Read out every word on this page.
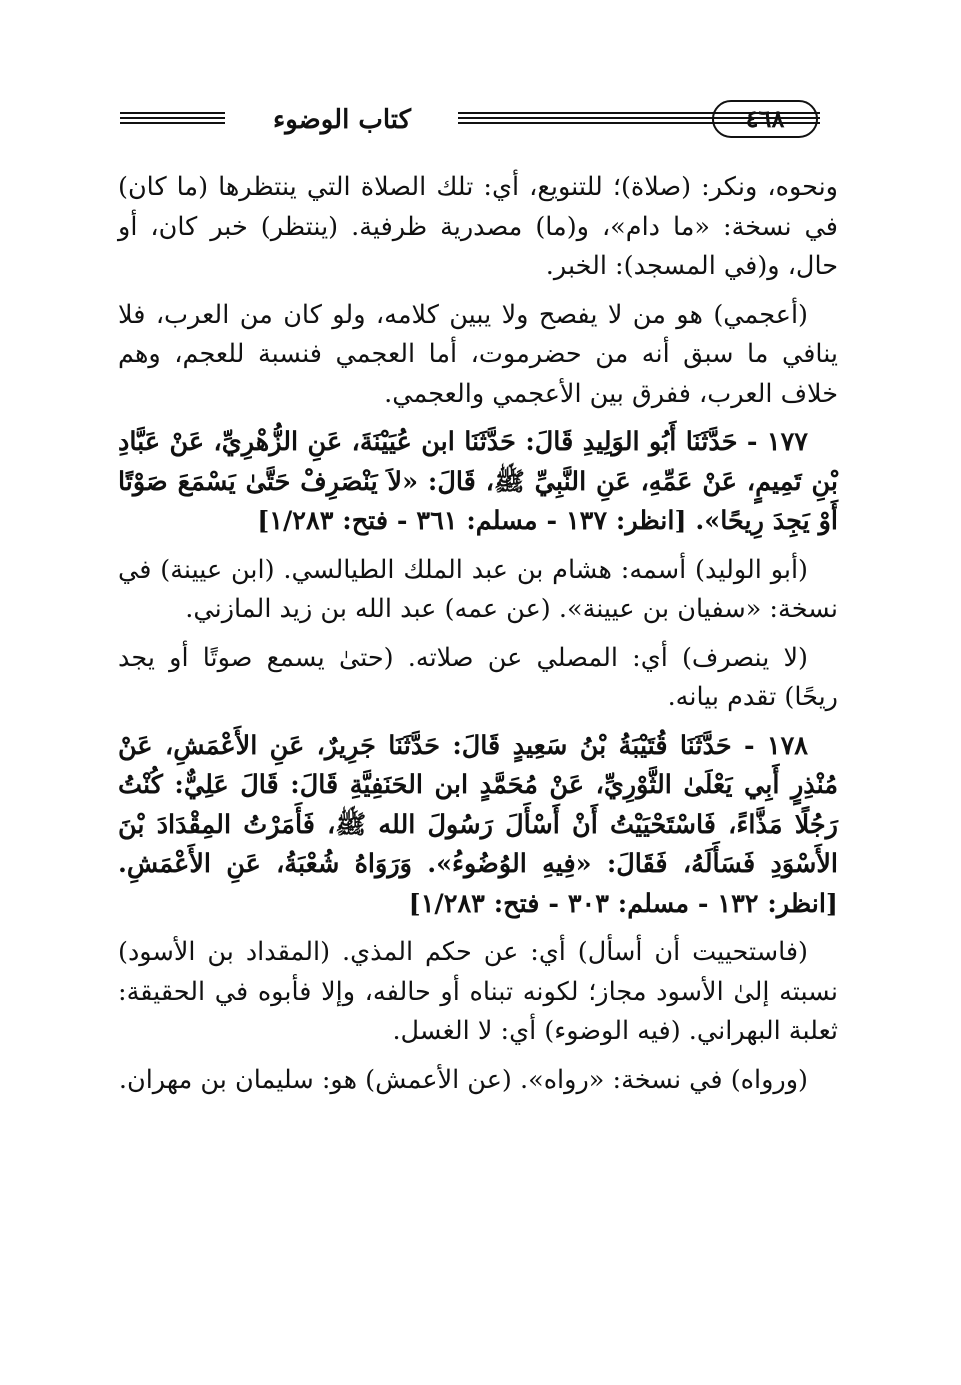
كتاب الوضوء	٤٦٨

ونحوه، ونكر: (صلاة)؛ للتنويع، أي: تلك الصلاة التي ينتظرها (ما كان) في نسخة: «ما دام»، و(ما) مصدرية ظرفية. (ينتظر) خبر كان، أو حال، و(في المسجد): الخبر.

(أعجمي) هو من لا يفصح ولا يبين كلامه، ولو كان من العرب، فلا ينافي ما سبق أنه من حضرموت، أما العجمي فنسبة للعجم، وهم خلاف العرب، ففرق بين الأعجمي والعجمي.

١٧٧ - حَدَّثَنَا أَبُو الوَلِيدِ قَالَ: حَدَّثَنَا ابن عُيَيْنَةَ، عَنِ الزُّهْرِيِّ، عَنْ عَبَّادِ بْنِ تَمِيمٍ، عَنْ عَمِّهِ، عَنِ النَّبِيِّ ﷺ، قَالَ: «لاَ يَنْصَرِفْ حَتَّىٰ يَسْمَعَ صَوْتًا أَوْ يَجِدَ رِيحًا». [انظر: ١٣٧ - مسلم: ٣٦١ - فتح: ١/٢٨٣]

(أبو الوليد) أسمه: هشام بن عبد الملك الطيالسي. (ابن عيينة) في نسخة: «سفيان بن عيينة». (عن عمه) عبد الله بن زيد المازني.

(لا ينصرف) أي: المصلي عن صلاته. (حتىٰ يسمع صوتًا أو يجد ريحًا) تقدم بيانه.

١٧٨ - حَدَّثَنَا قُتَيْبَةُ بْنُ سَعِيدٍ قَالَ: حَدَّثَنَا جَرِيرٌ، عَنِ الأَعْمَشِ، عَنْ مُنْذِرٍ أَبِي يَعْلَىٰ الثَّوْرِيِّ، عَنْ مُحَمَّدٍ ابن الحَنَفِيَّةِ قَالَ: قَالَ عَلِيٌّ: كُنْتُ رَجُلًا مَذَّاءً، فَاسْتَحْيَيْتُ أَنْ أَسْأَلَ رَسُولَ الله ﷺ، فَأَمَرْتُ المِقْدَادَ بْنَ الأَسْوَدِ فَسَأَلَهُ، فَقَالَ: «فِيهِ الوُضُوءُ». وَرَوَاهُ شُعْبَةُ، عَنِ الأَعْمَشِ. [انظر: ١٣٢ - مسلم: ٣٠٣ - فتح: ١/٢٨٣]

(فاستحييت أن أسأل) أي: عن حكم المذي. (المقداد بن الأسود) نسبته إلىٰ الأسود مجاز؛ لكونه تبناه أو حالفه، وإلا فأبوه في الحقيقة: ثعلبة البهراني. (فيه الوضوء) أي: لا الغسل.

(ورواه) في نسخة: «رواه». (عن الأعمش) هو: سليمان بن مهران.
